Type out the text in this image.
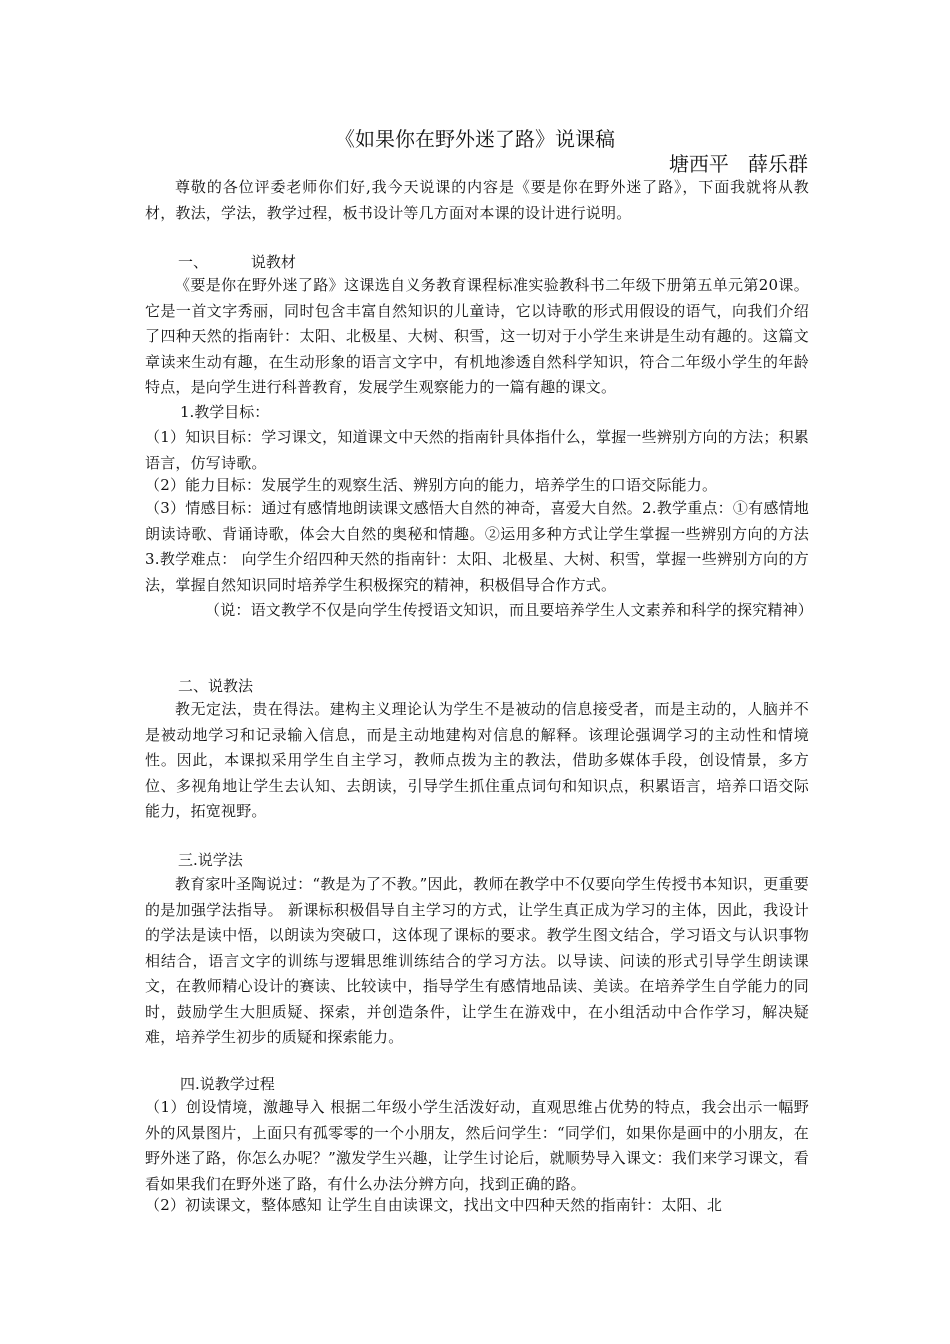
《如果你在野外迷了路》说课稿
塘西平   薛乐群

尊敬的各位评委老师你们好,我今天说课的内容是《要是你在野外迷了路》，下面我就将从教材，教法，学法，教学过程，板书设计等几方面对本课的设计进行说明。

一、         说教材

《要是你在野外迷了路》这课选自义务教育课程标准实验教科书二年级下册第五单元第20课。它是一首文字秀丽，同时包含丰富自然知识的儿童诗，它以诗歌的形式用假设的语气，向我们介绍了四种天然的指南针：太阳、北极星、大树、积雪，这一切对于小学生来讲是生动有趣的。这篇文章读来生动有趣，在生动形象的语言文字中，有机地渗透自然科学知识，符合二年级小学生的年龄特点，是向学生进行科普教育，发展学生观察能力的一篇有趣的课文。

1.教学目标：

（1）知识目标：学习课文，知道课文中天然的指南针具体指什么，掌握一些辨别方向的方法；积累语言，仿写诗歌。

（2）能力目标：发展学生的观察生活、辨别方向的能力，培养学生的口语交际能力。

（3）情感目标：通过有感情地朗读课文感悟大自然的神奇，喜爱大自然。2.教学重点：①有感情地朗读诗歌、背诵诗歌，体会大自然的奥秘和情趣。②运用多种方式让学生掌握一些辨别方向的方法 3.教学难点： 向学生介绍四种天然的指南针：太阳、北极星、大树、积雪，掌握一些辨别方向的方法，掌握自然知识同时培养学生积极探究的精神，积极倡导合作方式。

（说：语文教学不仅是向学生传授语文知识，而且要培养学生人文素养和科学的探究精神）

二、说教法

教无定法，贵在得法。建构主义理论认为学生不是被动的信息接受者，而是主动的，人脑并不是被动地学习和记录输入信息，而是主动地建构对信息的解释。该理论强调学习的主动性和情境性。因此，本课拟采用学生自主学习，教师点拨为主的教法，借助多媒体手段，创设情景，多方位、多视角地让学生去认知、去朗读，引导学生抓住重点词句和知识点，积累语言，培养口语交际能力，拓宽视野。

三.说学法

教育家叶圣陶说过：“教是为了不教。”因此，教师在教学中不仅要向学生传授书本知识，更重要的是加强学法指导。 新课标积极倡导自主学习的方式，让学生真正成为学习的主体，因此，我设计的学法是读中悟，以朗读为突破口，这体现了课标的要求。教学生图文结合，学习语文与认识事物相结合，语言文字的训练与逻辑思维训练结合的学习方法。以导读、问读的形式引导学生朗读课文，在教师精心设计的赛读、比较读中，指导学生有感情地品读、美读。在培养学生自学能力的同时，鼓励学生大胆质疑、探索，并创造条件，让学生在游戏中，在小组活动中合作学习，解决疑难，培养学生初步的质疑和探索能力。

四.说教学过程

（1）创设情境，激趣导入 根据二年级小学生活泼好动，直观思维占优势的特点，我会出示一幅野外的风景图片，上面只有孤零零的一个小朋友，然后问学生：“同学们，如果你是画中的小朋友，在野外迷了路，你怎么办呢？”激发学生兴趣，让学生讨论后，就顺势导入课文：我们来学习课文，看看如果我们在野外迷了路，有什么办法分辨方向，找到正确的路。

（2）初读课文，整体感知 让学生自由读课文，找出文中四种天然的指南针：太阳、北
